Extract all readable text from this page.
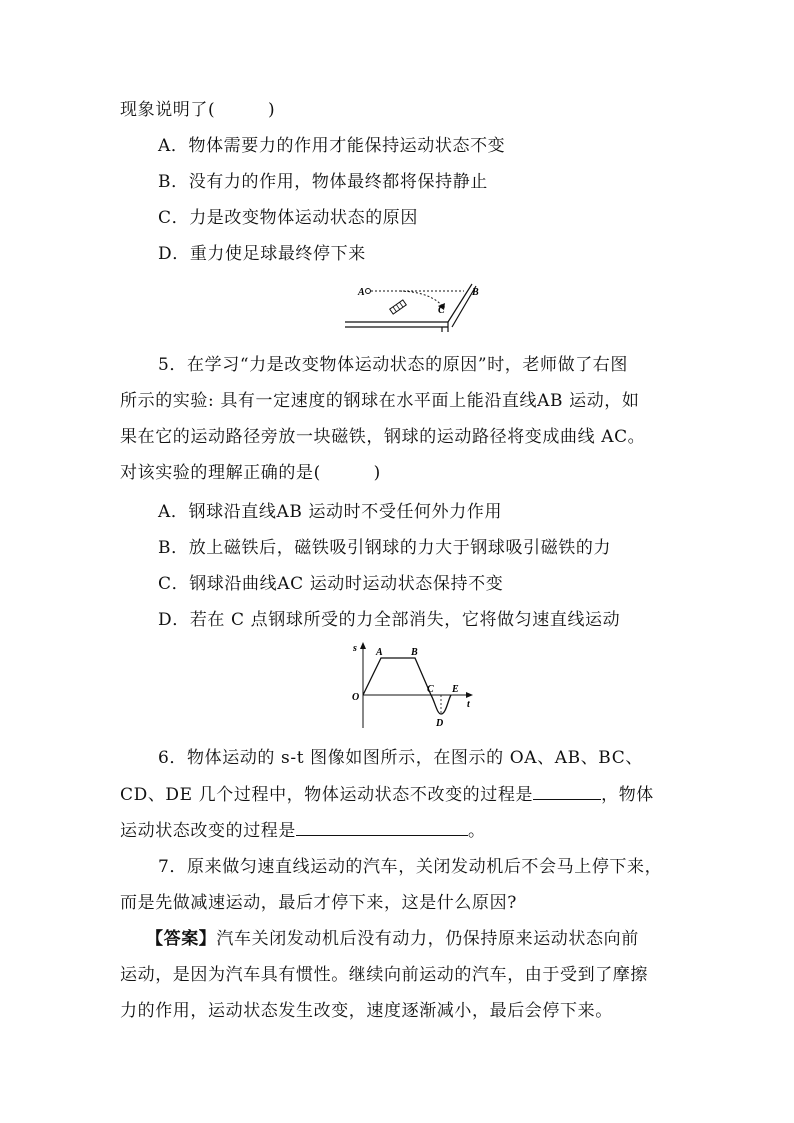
现象说明了(　　　)
A．物体需要力的作用才能保持运动状态不变
B．没有力的作用，物体最终都将保持静止
C．力是改变物体运动状态的原因
D．重力使足球最终停下来
A	B
C
5．在学习“力是改变物体运动状态的原因”时，老师做了右图
所示的实验: 具有一定速度的钢球在水平面上能沿直线AB 运动，如
果在它的运动路径旁放一块磁铁，钢球的运动路径将变成曲线 AC。
对该实验的理解正确的是(　　　)
A．钢球沿直线AB 运动时不受任何外力作用
B．放上磁铁后，磁铁吸引钢球的力大于钢球吸引磁铁的力
C．钢球沿曲线AC 运动时运动状态保持不变
D．若在 C 点钢球所受的力全部消失，它将做匀速直线运动
s
t
O
A	B
C
D
E
6．物体运动的 s-t 图像如图所示，在图示的 OA、AB、BC、
CD、DE 几个过程中，物体运动状态不改变的过程是	，物体
运动状态改变的过程是	。
7．原来做匀速直线运动的汽车，关闭发动机后不会马上停下来，
而是先做减速运动，最后才停下来，这是什么原因?
【答案】汽车关闭发动机后没有动力，仍保持原来运动状态向前
运动，是因为汽车具有惯性。继续向前运动的汽车，由于受到了摩擦
力的作用，运动状态发生改变，速度逐渐减小，最后会停下来。
